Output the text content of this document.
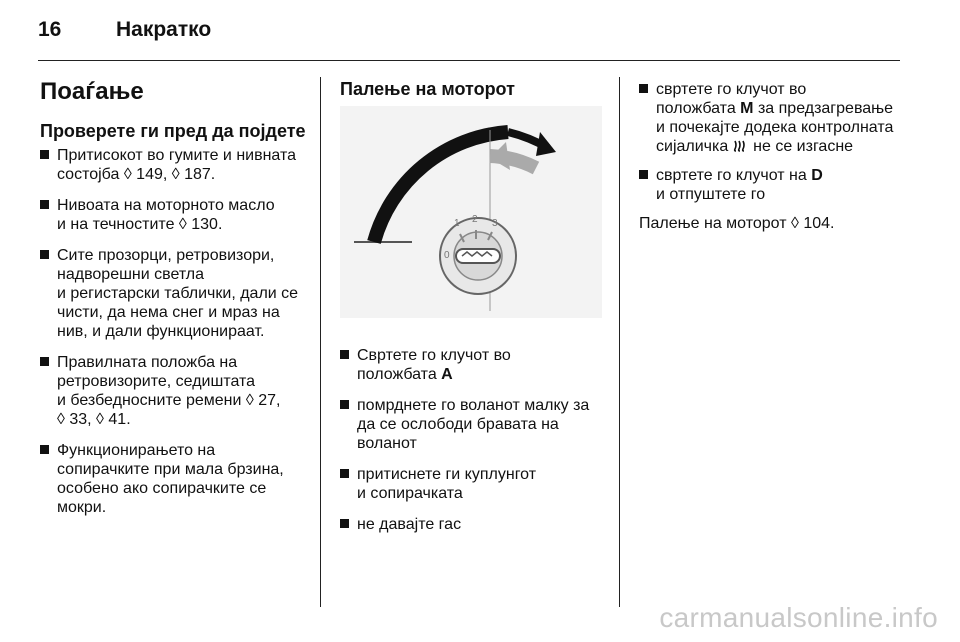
16	Накратко
Поаѓање
Проверете ги пред да појдете
Притисокот во гумите и нивната
состојба ◊ 149, ◊ 187.
Нивоата на моторното масло
и на течностите ◊ 130.
Сите прозорци, ретровизори,
надворешни светла
и регистарски таблички, дали се
чисти, да нема снег и мраз на
нив, и дали функционираат.
Правилната положба на
ретровизорите, седиштата
и безбедносните ремени ◊ 27,
◊ 33, ◊ 41.
Функционирањето на
сопирачките при мала брзина,
особено ако сопирачките се
мокри.
Палење на моторот
0
1 2 3
Свртете го клучот во
положбата A
помрднете го воланот малку за
да се ослободи бравата на
воланот
притиснете ги куплунгот
и сопирачката
не давајте гас
свртете го клучот во
положбата M за предзагревање
и почекајте додека контролната
сијаличка  не се изгасне
свртете го клучот на D
и отпуштете го
Палење на моторот ◊ 104.
carmanualsonline.info
